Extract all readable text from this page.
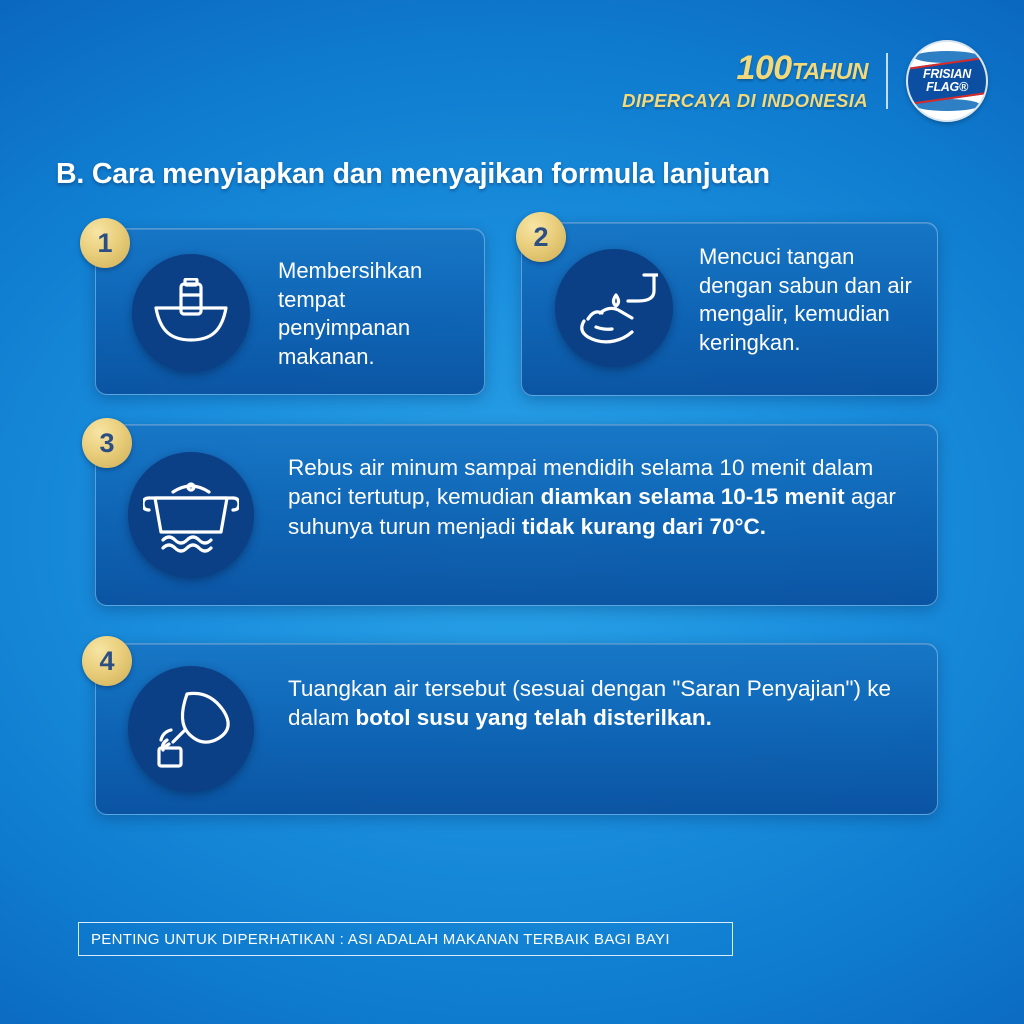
100TAHUN
DIPERCAYA DI INDONESIA
FRISIAN
FLAG®
B. Cara menyiapkan dan menyajikan formula lanjutan
Membersihkan tempat penyimpanan makanan.
1	Mencuci tangan dengan sabun dan air mengalir, kemudian keringkan.
2
Rebus air minum sampai mendidih selama 10 menit dalam panci tertutup, kemudian diamkan selama 10-15 menit agar suhunya turun menjadi tidak kurang dari 70°C.
3
Tuangkan air tersebut (sesuai dengan "Saran Penyajian") ke dalam botol susu yang telah disterilkan.
4
PENTING UNTUK DIPERHATIKAN : ASI ADALAH MAKANAN TERBAIK BAGI BAYI
